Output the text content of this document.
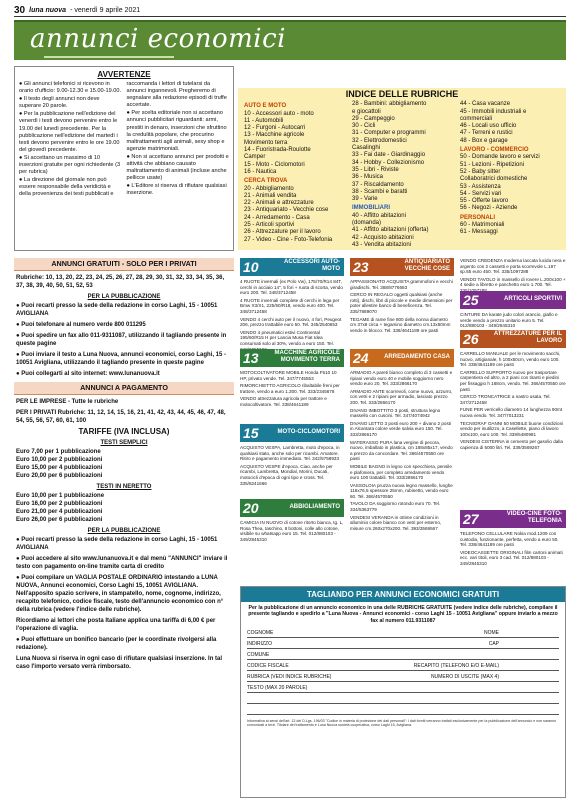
30 luna nuova - venerdì 9 aprile 2021
annunci economici
AVVERTENZE

● Gli annunci telefonici si ricevono in orario d'ufficio: 9.00-12.30 e 15.00-19.00.

● Il testo degli annunci non deve superare 20 parole.

● Per la pubblicazione nell'edizione del venerdì i testi devono pervenire entro le 19.00 del lunedì precedente. Per la pubblicazione nell'edizione del martedì i testi devono pervenire entro le ore 19.00 del giovedì precedente.

● Si accettano un massimo di 10 inserzioni gratuite per ogni richiedente (3 per rubrica)

● La direzione del giornale non può essere responsabile della veridicità e della provenienza dei testi pubblicati e

raccomanda i lettori di tutelarsi da annunci ingannevoli. Pregheremo di segnalare alla redazione episodi di truffe accertate.

● Per scelta editoriale non si accettano annunci pubblicitari riguardanti: armi, prestiti in denaro, inserzioni che sfruttino la credulità popolare, che procurino maltrattamenti agli animali, sexy shop e agenzie matrimoniali.

● Non si accettano annunci per prodotti e attività che abbiano causato maltrattamento di animali (incluse anche pellicce usate)

● L'Editore si riserva di rifiutare qualsiasi inserzione.

INDICE DELLE RUBRICHE
AUTO E MOTO
10 - Accessori auto - moto
11 - Automobili
12 - Furgoni - Autocarri
13 - Macchine agricole
Movimento terra
14 - Fuoristrada-Roulotte
Camper
15 - Moto - Ciclomotori
16 - Nautica
CERCA TROVA
20 - Abbigliamento
21 - Animali vendita
22 - Animali e attrezzature
23 - Antiquariato - Vecchie cose
24 - Arredamento - Casa
25 - Articoli sportivi
26 - Attrezzature per il lavoro
27 - Video - Cine - Foto-Telefonia
28 - Bambini: abbigliamento
e giocattoli
29 - Campeggio
30 - Cicli
31 - Computer e programmi
32 - Elettrodomestici
Casalinghi
33 - Fai date - Giardinaggio
34 - Hobby - Collezionismo
35 - Libri - Riviste
36 - Musica
37 - Riscaldamento
38 - Scambi e baratti
39 - Varie
IMMOBILIARI
40 - Affitto abitazioni
(domanda)
41 - Affitto abitazioni (offerta)
42 - Acquisto abitazioni
43 - Vendita abitazioni
44 - Casa vacanze
45 - Immobili industriali e
commerciali
46 - Locali uso ufficio
47 - Terreni e rustici
48 - Box e garage
LAVORO - COMMERCIO
50 - Domande lavoro e servizi
51 - Lezioni - Ripetizioni
52 - Baby sitter
Collaboratrici domestiche
53 - Assistenza
54 - Servizi vari
55 - Offerte lavoro
56 - Negozi - Aziende
PERSONALI
60 - Matrimoniali
61 - Messaggi
ANNUNCI GRATUITI - SOLO PER I PRIVATI

Rubriche: 10, 13, 20, 22, 23, 24, 25, 26, 27, 28, 29, 30, 31, 32, 33, 34, 35, 36, 37, 38, 39, 40, 50, 51, 52, 53

PER LA PUBBLICAZIONE

● Puoi recarti presso la sede della redazione in corso Laghi, 15 - 10051 AVIGLIANA

● Puoi telefonare al numero verde 800 011295

● Puoi spedire un fax allo 011-9311087, utilizzando il tagliando presente in queste pagine

● Puoi inviare il testo a Luna Nuova, annunci economici, corso Laghi, 15 - 10051 Avigliana, utilizzando il tagliando presente in queste pagine

● Puoi collegarti al sito internet: www.lunanuova.it

ANNUNCI A PAGAMENTO

PER LE IMPRESE - Tutte le rubriche

PER I PRIVATI Rubriche: 11, 12, 14, 15, 16, 21, 41, 42, 43, 44, 45, 46, 47, 48, 54, 55, 56, 57, 60, 61, 100

TARIFFE (IVA INCLUSA)
TESTI SEMPLICI
Euro 7,00 per 1 pubblicazione
Euro 10,00 per 2 pubblicazioni
Euro 15,00 per 4 pubblicazioni
Euro 20,00 per 6 pubblicazioni
TESTI IN NERETTO
Euro 10,00 per 1 pubblicazione
Euro 16,00 per 2 pubblicazioni
Euro 21,00 per 4 pubblicazioni
Euro 26,00 per 6 pubblicazioni
PER LA PUBBLICAZIONE

● Puoi recarti presso la sede della redazione in corso Laghi, 15 - 10051 AVIGLIANA

● Puoi accedere al sito www.lunanuova.it e dal menù "ANNUNCI" inviare il testo con pagamento on-line tramite carta di credito

● Puoi compilare un VAGLIA POSTALE ORDINARIO intestando a LUNA NUOVA, Annunci economici, Corso Laghi 15, 10051 AVIGLIANA. Nell'apposito spazio scrivere, in stampatello, nome, cognome, indirizzo, recapito telefonico, codice fiscale, testo dell'annuncio economico con n° della rubrica (vedere l'indice delle rubriche).

Ricordiamo ai lettori che posta Italiane applica una tariffa di 6,00 € per l'operazione di vaglia.

● Puoi effettuare un bonifico bancario (per le coordinate rivolgersi alla redazione).

Luna Nuova si riserva in ogni caso di rifiutare qualsiasi inserzione. In tal caso l'importo versato verrà rimborsato.

10	ACCESSORI AUTO-MOTO

4 RUOTE invernali (ex Polo Vw), 175/70/R14 84T, cerchi in acciaio 14", 5 fori + ruota di scorta, vendo euro 200. Tel. 348/3712458

4 RUOTE invernali complete di cerchi in lega per Bmw X3/X1, 225/50/R18, vendo euro 400. Tel. 348/3712458

VENDO 4 cerchi auto per il nuovo, 4 fori, Peugeot 206, prezzo trattabile euro 50. Tel. 345/2540653

VENDO 4 pneumatici estivi Continental 195/60/R15 H per Lancia Musa Fiat Idea consumati solo al 30%, vendo a euro 150. Tel.

13	MACCHINE AGRICOLE MOVIMENTO TERRA

MOTOCOLTIVATORE MOBILE Honda F510 10 HP, privato vende. Tel. 347/7745553

RIMORCHIETTO AGRICOLO ribaltabile freni per trattore, vendo a euro 1.300. Tel. 333/2345678

VENDO attrezzatura agricola per trattore e motocoltivatore. Tel. 338/4641189

15	MOTO-CICLOMOTORI

ACQUISTO VESPA, Lambretta, moto d'epoca, in qualsiasi stato, anche solo per ricambi. Amatore. Ritiro e pagamento immediato. Tel. 342/5758933

ACQUISTO VESPE d'epoca. Ciao, anche per ricambi, Lambretta, Mondial, Morini, Ducati, motocicli d'epoca di ogni tipo e cross. Tel. 335/8241666

20	ABBIGLIAMENTO

CAMICIA IN NUOVO di cotone ritorto bianca, tg. L, Rosa Thea, taschino, 8 bottoni, colle allo cotone, visibile su whatsapp euro 15. Tel. 012/880103 - 349/2845310

23	ANTIQUARIATO VECCHIE COSE

APPASSIONATO ACQUISTA grammofoni e vecchi giradischi. Tel. 388/8776683

CERCO IN REGALO oggetti qualsiasi (anche rotti), dischi, libri di piccole e medie dimensioni per poter allestire banco di beneficenza. Tel. 335/7889070

TEGAME di rame fine 800 della nonna diametro cm 37x8 circa + tegamino diametro cm.13x50mm vendo in blocco. Tel. 338/4641189 ore pasti

24	ARREDAMENTO CASA

ARMADIO A pareti bianco completo di 3 cassetti e ripiani vendo euro 40 e mobile soggiorno nero vendo euro 20. Tel. 333/2866170

ARMADIO ANTE scorrevoli, come nuovo, azzurro, con vetri e 2 ripiani per armadio, lasciato prezzo 200. Tel. 333/2866170

DIVANO IMBOTTITO 3 posti, struttura legno massello con cuscini. Tel. 347/4074942

DIVANO LETTO 3 posti euro 200 + divano 2 posti in Alcantara colore verde salvia euro 150. Tel. 333/2866170

MATERASSO PURA lana vergine di pecora, nuovo, imballato in plastica, cm 188x85x17, vendo a prezzo da concordare. Tel. 366/4570550 ore pasti

MOBILE BAGNO in legno con specchiera, pensile e plafoniera, per completo arredamento vendo euro 100 trattabili. Tel. 333/2866170

VASSOLOIA pruzza nuova legno massello, lunghe 116x76,5 spessore 25mm, rubinetto, vendo euro 60. Tel. 366/4570550

TAVOLO DA soggiorno rotondo euro 70. Tel. 334/5363779

VENDESI VERANDA in ottime condizioni in alluminio colore bianco con vetri per esterno, misure cm.260x270x200. Tel. 393/3569567

VENDO CREDENZA moderna laccata lucida nera e argento con 2 cassetti e porta scorrevole L.197 sp.55 euro 450. Tel. 335/1097288

VENDO TAVOLO in massello di rovere L.200x100 + 4 sedie a libretto e panchetto euro 1.700. Tel.

25	ARTICOLI SPORTIVI

CINTURE DA karate judo colori arancio, giallo e verde vendo a prezzo unitario euro 5. Tel. 012/880103 - 349/2845310

26	ATTREZZATURE PER IL LAVORO

CARRELLO MANUALE per le movimento sacchi, nuovo, artigianale, h 100x50cm, vendo euro 100. Tel. 338/4641189 ore pasti

CARRELLO SUPPORTO nuovo per trasportare carpentiera ed altro, a 2 piani con tiranti e piedini per fissaggio h 168cm, vendo. Tel. 366/4570550 ore pasti

CERCO TRONCATRICE a nastro usata. Tel. 347/2712458

FUNE PER verricello diametro 14 lunghezza 90mt nuova vendo. Tel. 347/7013231

TECNIGRAF OANNI 50 MOBILE buone condizioni vendo per inutilizzo, a Casellette, piano di lavoro 100x100, euro 100. Tel. 339/5480981

VENDESI CISTERNA in cemento per gasolio dalla capienza di 5000 litri. Tel. 339/3569267

27	VIDEO-CINE FOTO-TELEFONIA

TELEFONO CELLULARE Nokia mod.1209 con custodia, funzionante, perfetta, vendo a euro 50. Tel. 338/4641189 ore pasti

VIDEOCASSETTE ORIGINALI film cartoni animati ecc. vari titoli, euro 3 cad. Tel. 012/880103 - 349/2845310

TAGLIANDO PER ANNUNCI ECONOMICI GRATUITI
Per la pubblicazione di un annuncio economico in una delle RUBRICHE GRATUITE (vedere indice delle rubriche), compilare il presente tagliando e spedirlo a "Luna Nuova - Annunci economici - corso Laghi 15 - 10051 Avigliana" oppure inviarlo a mezzo fax al numero 011.9311087
COGNOME	NOME
INDIRIZZO	CAP
COMUNE
CODICE FISCALE	RECAPITO (TELEFONO E/O E-MAIL)
RUBRICA (VEDI INDICE RUBRICHE)	NUMERO DI USCITE (MAX 4)
TESTO (MAX 20 PAROLE)
Informativa ai sensi dell'art. 13 del D.Lgs. 196/03 "Codice in materia di protezione dei dati personali": I dati forniti verranno trattati esclusivamente per la pubblicazione dell'annuncio e non saranno comunicati a terzi. Titolare del trattamento è Luna Nuova società cooperativa, corso Laghi 15, Avigliana.
